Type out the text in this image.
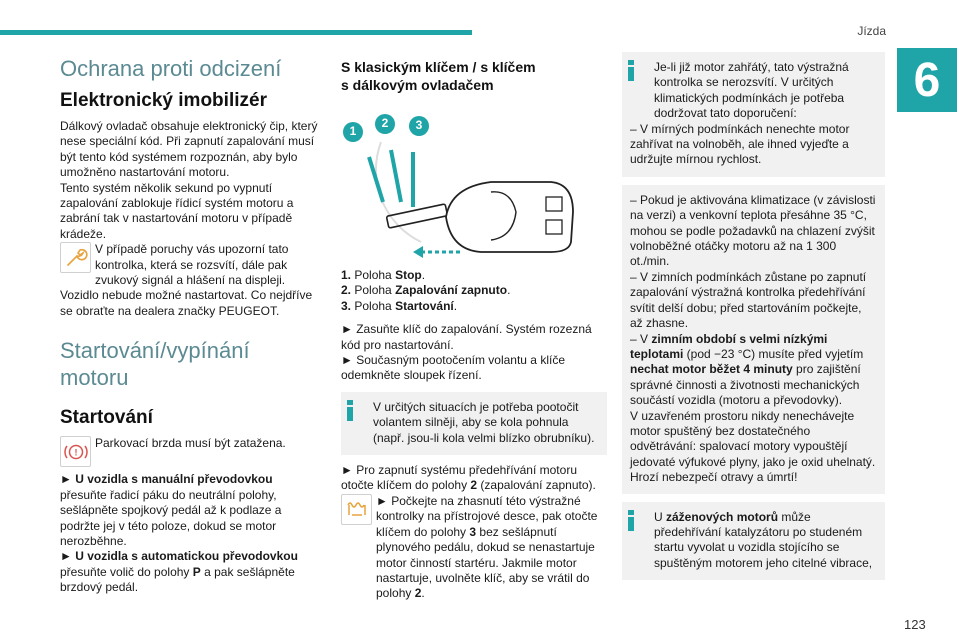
Jízda
6
123
Ochrana proti odcizení
Elektronický imobilizér

Dálkový ovladač obsahuje elektronický čip, který nese speciální kód. Při zapnutí zapalování musí být tento kód systémem rozpoznán, aby bylo umožněno nastartování motoru.

Tento systém několik sekund po vypnutí zapalování zablokuje řídicí systém motoru a zabrání tak v nastartování motoru v případě krádeže.

V případě poruchy vás upozorní tato kontrolka, která se rozsvítí, dále pak zvukový signál a hlášení na displeji.

Vozidlo nebude možné nastartovat. Co nejdříve se obraťte na dealera značky PEUGEOT.

Startování/vypínání
motoru
Startování
!
Parkovací brzda musí být zatažena.

► U vozidla s manuální převodovkou

přesuňte řadicí páku do neutrální polohy, sešlápněte spojkový pedál až k podlaze a podržte jej v této poloze, dokud se motor nerozběhne.

► U vozidla s automatickou převodovkou

přesuňte volič do polohy P a pak sešlápněte brzdový pedál.

S klasickým klíčem / s klíčem
s dálkovým ovladačem
1
2	3
1. Poloha Stop.
2. Poloha Zapalování zapnuto.
3. Poloha Startování.

► Zasuňte klíč do zapalování. Systém rozezná kód pro nastartování.

► Současným pootočením volantu a klíče odemkněte sloupek řízení.

V určitých situacích je potřeba pootočit volantem silněji, aby se kola pohnula (např. jsou-li kola velmi blízko obrubníku).

► Pro zapnutí systému předehřívání motoru otočte klíčem do polohy 2 (zapalování zapnuto).

► Počkejte na zhasnutí této výstražné kontrolky na přístrojové desce, pak otočte klíčem do polohy 3 bez sešlápnutí plynového pedálu, dokud se nenastartuje motor činností startéru. Jakmile motor nastartuje, uvolněte klíč, aby se vrátil do polohy 2.

Je-li již motor zahřátý, tato výstražná kontrolka se nerozsvítí. V určitých klimatických podmínkách je potřeba dodržovat tato doporučení:

– V mírných podmínkách nenechte motor zahřívat na volnoběh, ale ihned vyjeďte a udržujte mírnou rychlost.

– Pokud je aktivována klimatizace (v závislosti na verzi) a venkovní teplota přesáhne 35 °C, mohou se podle požadavků na chlazení zvýšit volnoběžné otáčky motoru až na 1 300 ot./min.

– V zimních podmínkách zůstane po zapnutí zapalování výstražná kontrolka předehřívání svítit delší dobu; před startováním počkejte, až zhasne.

– V zimním období s velmi nízkými teplotami (pod −23 °C) musíte před vyjetím nechat motor běžet 4 minuty pro zajištění správné činnosti a životnosti mechanických součástí vozidla (motoru a převodovky).

V uzavřeném prostoru nikdy nenechávejte motor spuštěný bez dostatečného odvětrávání: spalovací motory vypouštějí jedovaté výfukové plyny, jako je oxid uhelnatý. Hrozí nebezpečí otravy a úmrtí!

U záženových motorů může předehřívání katalyzátoru po studeném startu vyvolat u vozidla stojícího se spuštěným motorem jeho citelné vibrace,
